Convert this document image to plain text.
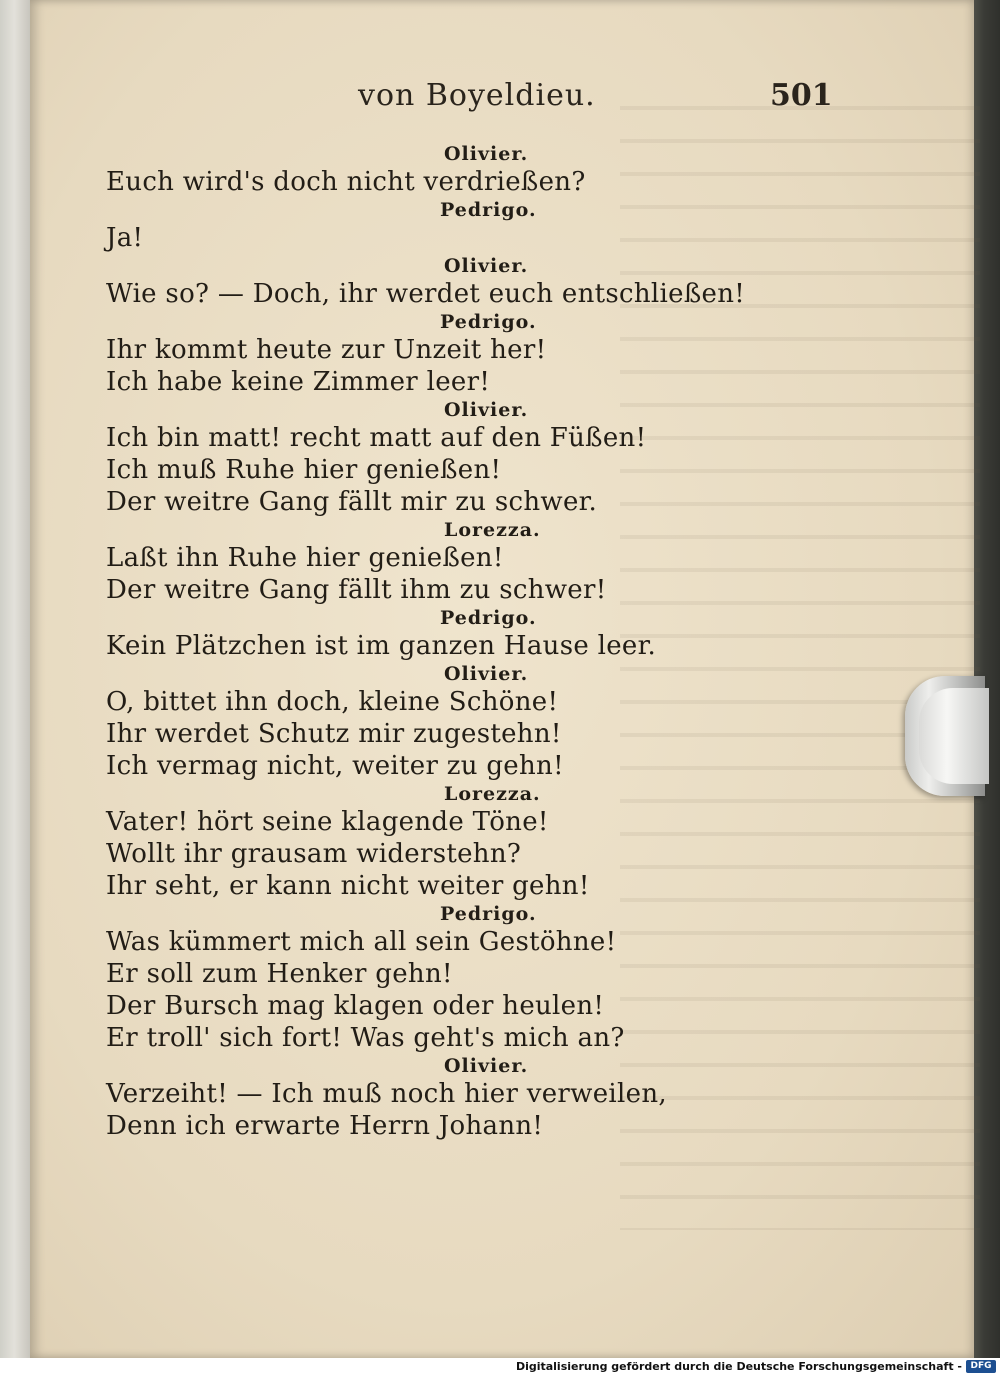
von Boyeldieu.	501
Olivier.
Euch wird's doch nicht verdrießen?
Pedrigo.
Ja!
Olivier.
Wie so? — Doch, ihr werdet euch entschließen!
Pedrigo.
Ihr kommt heute zur Unzeit her!
Ich habe keine Zimmer leer!
Olivier.
Ich bin matt! recht matt auf den Füßen!
Ich muß Ruhe hier genießen!
Der weitre Gang fällt mir zu schwer.
Lorezza.
Laßt ihn Ruhe hier genießen!
Der weitre Gang fällt ihm zu schwer!
Pedrigo.
Kein Plätzchen ist im ganzen Hause leer.
Olivier.
O, bittet ihn doch, kleine Schöne!
Ihr werdet Schutz mir zugestehn!
Ich vermag nicht, weiter zu gehn!
Lorezza.
Vater! hört seine klagende Töne!
Wollt ihr grausam widerstehn?
Ihr seht, er kann nicht weiter gehn!
Pedrigo.
Was kümmert mich all sein Gestöhne!
Er soll zum Henker gehn!
Der Bursch mag klagen oder heulen!
Er troll' sich fort! Was geht's mich an?
Olivier.
Verzeiht! — Ich muß noch hier verweilen,
Denn ich erwarte Herrn Johann!
Digitalisierung gefördert durch die Deutsche Forschungsgemeinschaft - DFG
